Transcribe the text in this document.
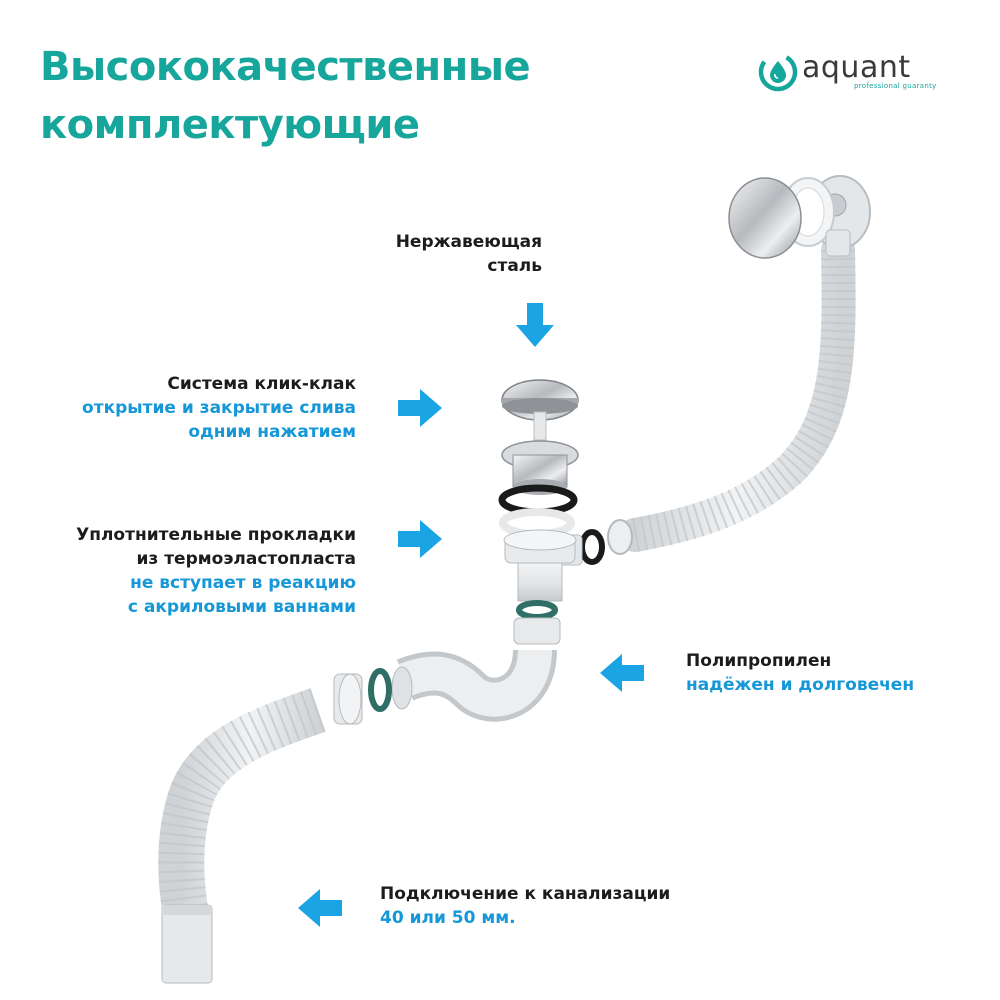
Высококачественные
комплектующие
aquant
professional guaranty
Нержавеющая
сталь
Система клик-клак
открытие и закрытие слива
одним нажатием
Уплотнительные прокладки
из термоэластопласта
не вступает в реакцию
с акриловыми ваннами
Полипропилен
надёжен и долговечен
Подключение к канализации
40 или 50 мм.
